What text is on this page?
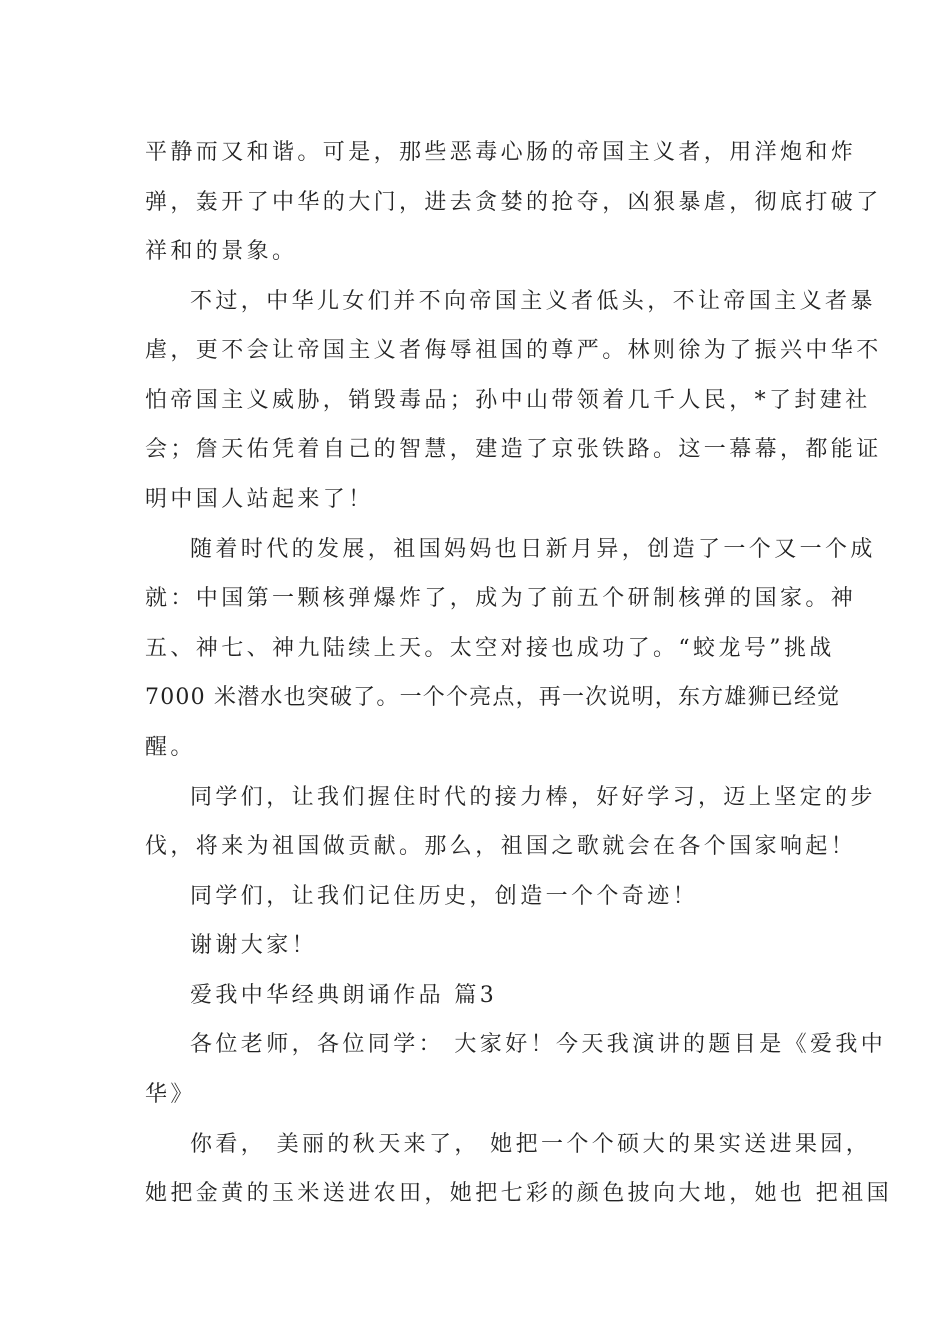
平静而又和谐。可是，那些恶毒心肠的帝国主义者，用洋炮和炸
弹，轰开了中华的大门，进去贪婪的抢夺，凶狠暴虐，彻底打破了
祥和的景象。
不过，中华儿女们并不向帝国主义者低头，不让帝国主义者暴
虐，更不会让帝国主义者侮辱祖国的尊严。林则徐为了振兴中华不
怕帝国主义威胁，销毁毒品；孙中山带领着几千人民，*了封建社
会；詹天佑凭着自己的智慧，建造了京张铁路。这一幕幕，都能证
明中国人站起来了！
随着时代的发展，祖国妈妈也日新月异，创造了一个又一个成
就：中国第一颗核弹爆炸了，成为了前五个研制核弹的国家。神
五、神七、神九陆续上天。太空对接也成功了。“蛟龙号”挑战
7000 米潜水也突破了。一个个亮点，再一次说明，东方雄狮已经觉
醒。
同学们，让我们握住时代的接力棒，好好学习，迈上坚定的步
伐，将来为祖国做贡献。那么，祖国之歌就会在各个国家响起！
同学们，让我们记住历史，创造一个个奇迹！
谢谢大家！
爱我中华经典朗诵作品 篇3
各位老师，各位同学： 大家好！今天我演讲的题目是《爱我中
华》
你看， 美丽的秋天来了， 她把一个个硕大的果实送进果园，
她把金黄的玉米送进农田，她把七彩的颜色披向大地，她也 把祖国
